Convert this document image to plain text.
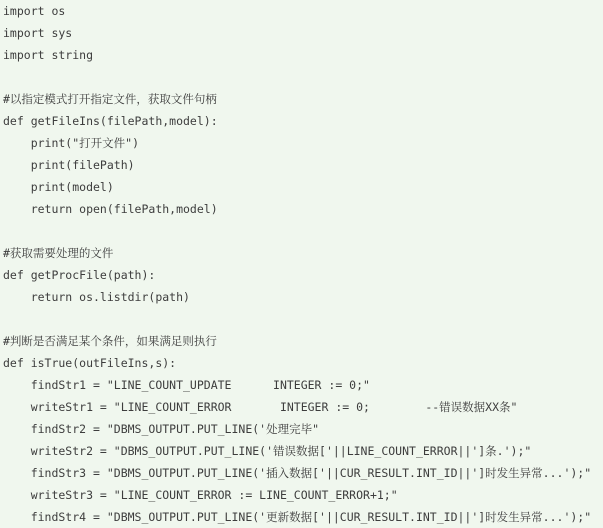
import os
import sys
import string
#以指定模式打开指定文件，获取文件句柄
def getFileIns(filePath,model):
print("打开文件")
print(filePath)
print(model)
return open(filePath,model)
#获取需要处理的文件
def getProcFile(path):
return os.listdir(path)
#判断是否满足某个条件，如果满足则执行
def isTrue(outFileIns,s):
findStr1 = "LINE_COUNT_UPDATE      INTEGER := 0;"
writeStr1 = "LINE_COUNT_ERROR       INTEGER := 0;        --错误数据XX条"
findStr2 = "DBMS_OUTPUT.PUT_LINE('处理完毕"
writeStr2 = "DBMS_OUTPUT.PUT_LINE('错误数据['||LINE_COUNT_ERROR||']条.');"
findStr3 = "DBMS_OUTPUT.PUT_LINE('插入数据['||CUR_RESULT.INT_ID||']时发生异常...');"
writeStr3 = "LINE_COUNT_ERROR := LINE_COUNT_ERROR+1;"
findStr4 = "DBMS_OUTPUT.PUT_LINE('更新数据['||CUR_RESULT.INT_ID||']时发生异常...');"
